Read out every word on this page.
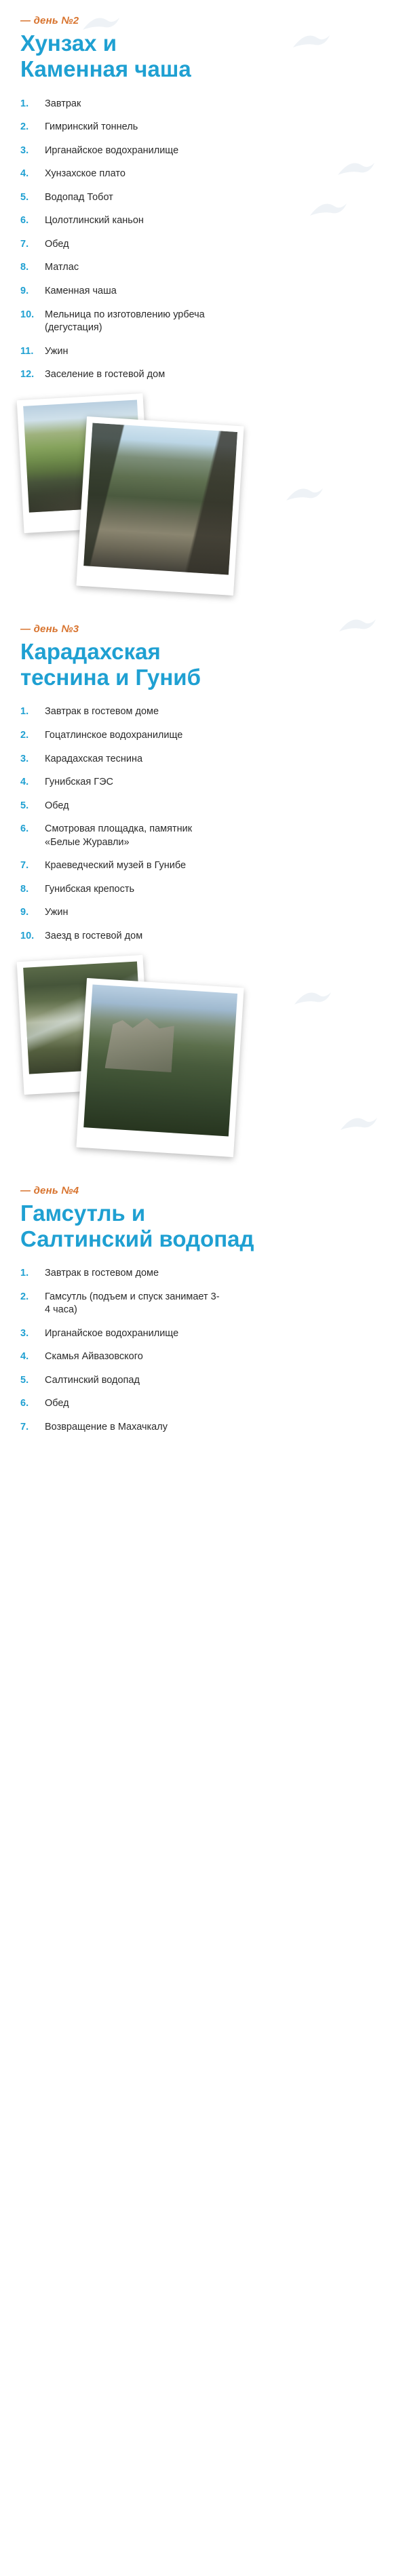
— день №2
Хунзах и
Каменная чаша
Завтрак
Гимринский тоннель
Ирганайское водохранилище
Хунзахское плато
Водопад Тобот
Цолотлинский каньон
Обед
Матлас
Каменная чаша
Мельница по изготовлению урбеча (дегустация)
Ужин
Заселение в гостевой дом
— день №3
Карадахская
теснина и Гуниб
Завтрак в гостевом доме
Гоцатлинское водохранилище
Карадахская теснина
Гунибская ГЭС
Обед
Смотровая площадка, памятник «Белые Журавли»
Краеведческий музей в Гунибе
Гунибская крепость
Ужин
Заезд в гостевой дом
— день №4
Гамсутль и
Салтинский водопад
Завтрак в гостевом доме
Гамсутль (подъем и спуск занимает 3-4 часа)
Ирганайское водохранилище
Скамья Айвазовского
Салтинский водопад
Обед
Возвращение в Махачкалу
